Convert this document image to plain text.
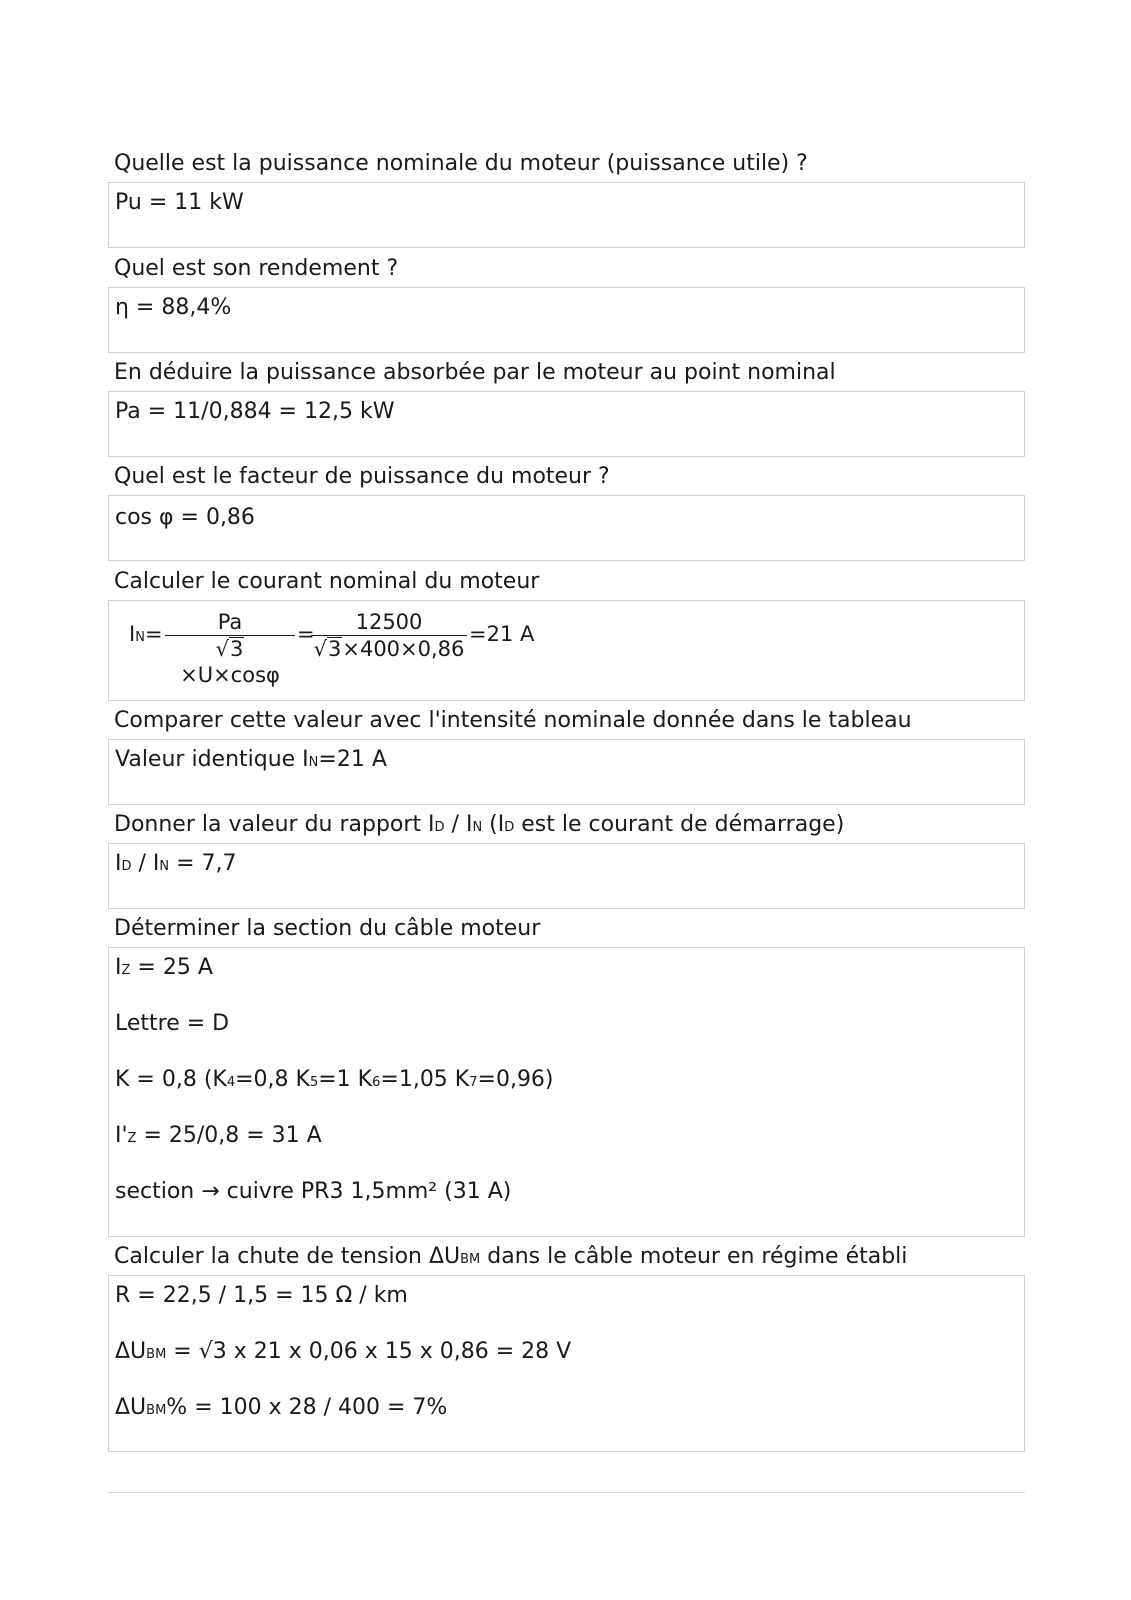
Quelle est la puissance nominale du moteur (puissance utile) ?
Pu = 11 kW
Quel est son rendement ?
η = 88,4%
En déduire la puissance absorbée par le moteur au point nominal
Pa = 11/0,884 = 12,5 kW
Quel est le facteur de puissance du moteur ?
cos φ = 0,86
Calculer le courant nominal du moteur
$IN= \frac{Pa}{√3\times U\times\cos\varphi}$ =
$\frac{12500}{√3\times 400\times 0,86} =21$ A
Comparer cette valeur avec l'intensité nominale donnée dans le tableau
Valeur identique IN=21 A
Donner la valeur du rapport ID / IN (ID est le courant de démarrage)
ID / IN = 7,7
Déterminer la section du câble moteur
IZ = 25 A
Lettre = D
K = 0,8 (K4=0,8 K5=1 K6=1,05 K7=0,96)
I'Z = 25/0,8 = 31 A
section → cuivre PR3 1,5mm² (31 A)
Calculer la chute de tension ΔUBM dans le câble moteur en régime établi
R = 22,5 / 1,5 = 15 Ω / km
ΔUBM = √3 x 21 x 0,06 x 15 x 0,86 = 28 V
ΔUBM% = 100 x 28 / 400 = 7%
